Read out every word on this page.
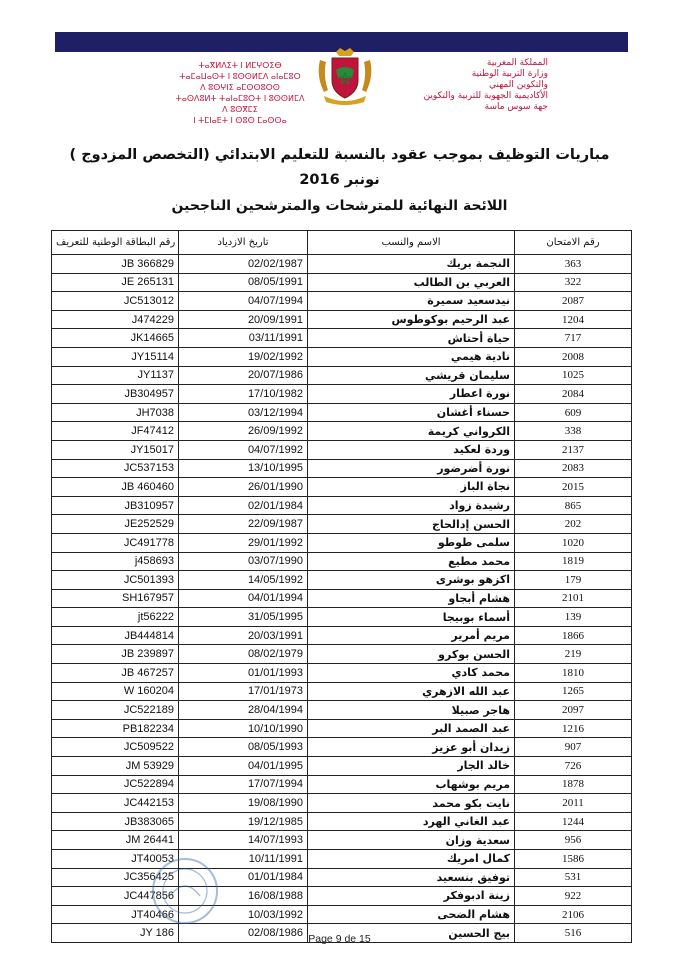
ⵜⴰⴳⵍⴷⵉⵜ ⵏ ⵍⵎⵖⵔⵉⴱ
ⵜⴰⵎⴰⵡⴰⵙⵜ ⵏ ⵓⵙⵙⵍⵎⴷ ⴰⵏⴰⵎⵓⵔ
ⴷ ⵓⵙⵖⵏⵉ ⴰⵎⵙⵙⵓⵔⵙ
ⵜⴰⵙⴷⵓⵍⵜ ⵜⴰⵏⴰⵎⵓⵔⵜ ⵏ ⵓⵙⵙⵍⵎⴷ
ⴷ ⵓⵙⴳⵎⵉ
ⵏ ⵜⵎⵏⴰⴹⵜ ⵏ ⵙⵓⵙ ⵎⴰⵙⵙⴰ
المملكة المغربية
وزارة التربية الوطنية
والتكوين المهني
الأكاديمية الجهوية للتربية والتكوين
جهة سوس ماسة
مباريات التوظيف بموجب عقود بالنسبة للتعليم الابتدائي (التخصص المزدوج )
نونبر 2016
اللائحة النهائية للمترشحات والمترشحين الناجحين
رقم البطاقة الوطنية للتعريف	تاريخ الازدياد	الاسم والنسب	رقم الامتحان
JB 366829	02/02/1987	النجمة بريك	363
JE 265131	08/05/1991	العربي بن الطالب	322
JC513012	04/07/1994	نيدسعيد سميرة	2087
J474229	20/09/1991	عبد الرحيم بوكوطوس	1204
JK14665	03/11/1991	حياة أحتاش	717
JY15114	19/02/1992	نادية هيمي	2008
JY1137	20/07/1986	سليمان قريشي	1025
JB304957	17/10/1982	نورة اعطار	2084
JH7038	03/12/1994	حسناء أغشان	609
JF47412	26/09/1992	الكرواني كريمة	338
JY15017	04/07/1992	وردة لعكيد	2137
JC537153	13/10/1995	نورة أضرضور	2083
JB 460460	26/01/1990	نجاة الباز	2015
JB310957	02/01/1984	رشيدة زواد	865
JE252529	22/09/1987	الحسن إدالحاج	202
JC491778	29/01/1992	سلمى طوطو	1020
j458693	03/07/1990	محمد مطيع	1819
JC501393	14/05/1992	اكزهو بوشرى	179
SH167957	04/01/1994	هشام أبجاو	2101
jt56222	31/05/1995	أسماء بوبيجا	139
JB444814	20/03/1991	مريم أمرير	1866
JB 239897	08/02/1979	الحسن بوكرو	219
JB 467257	01/01/1993	محمد كادي	1810
W 160204	17/01/1973	عبد الله الازهري	1265
JC522189	28/04/1994	هاجر صبيلا	2097
PB182234	10/10/1990	عبد الصمد البر	1216
JC509522	08/05/1993	زيدان أبو عزيز	907
JM 53929	04/01/1995	خالد الجار	726
JC522894	17/07/1994	مريم بوشهاب	1878
JC442153	19/08/1990	نايت بكو محمد	2011
JB383065	19/12/1985	عبد الغاني الهرد	1244
JM 26441	14/07/1993	سعدية وزان	956
JT40053	10/11/1991	كمال امريك	1586
JC356425	01/01/1984	توفيق بنسعيد	531
JC447856	16/08/1988	زينة ادبوفكر	922
JT40466	10/03/1992	هشام الضحى	2106
JY 186	02/08/1986	بيج الحسين	516
Page 9 de 15
